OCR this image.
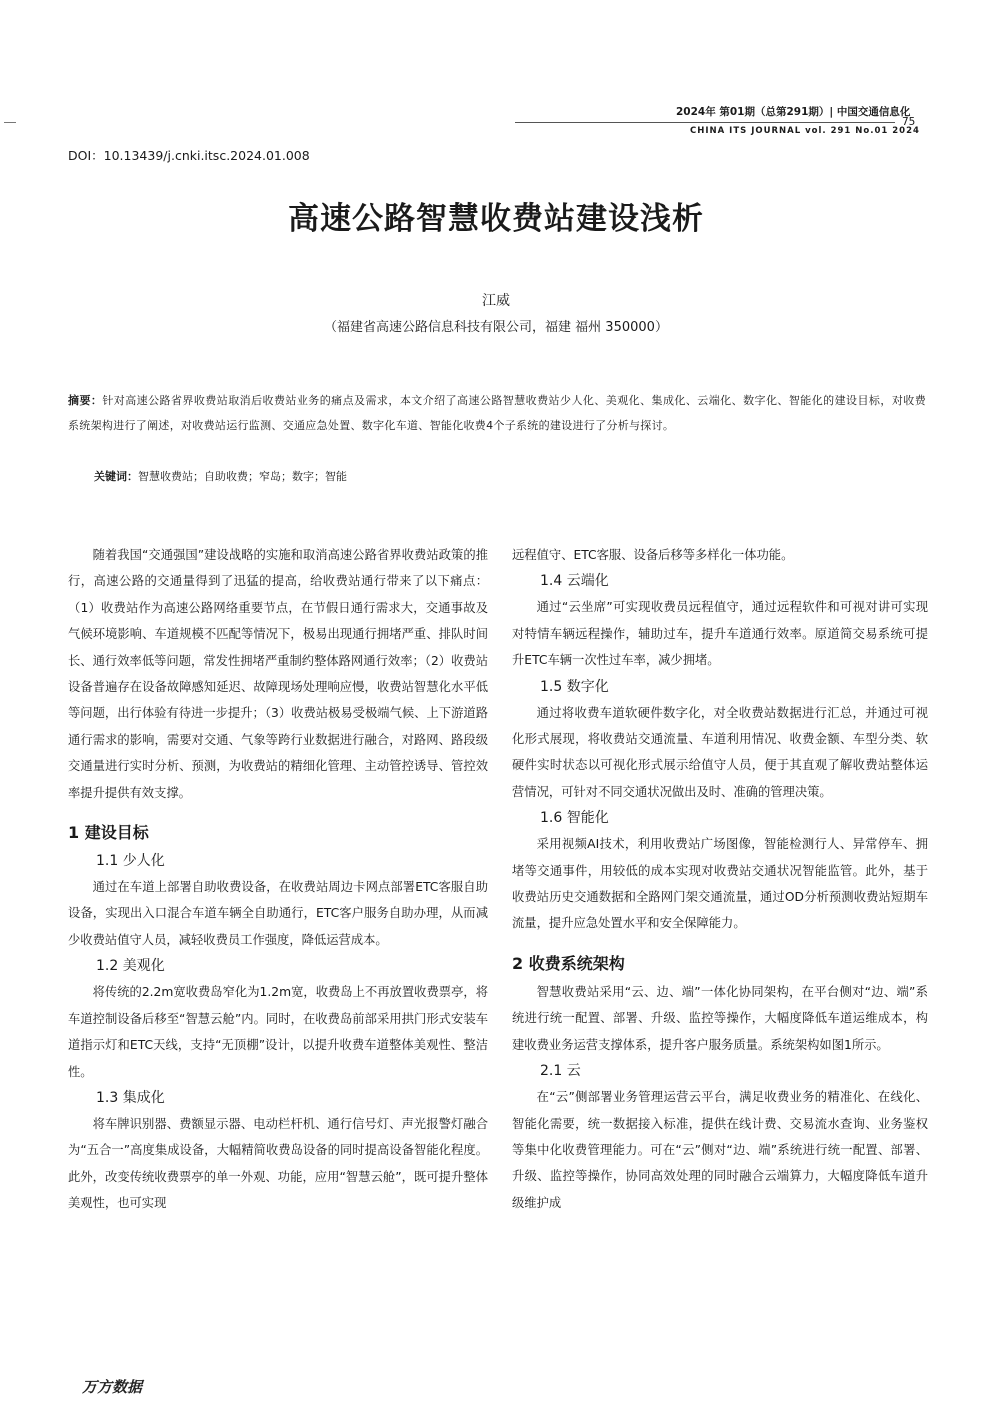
2024年 第01期（总第291期）| 中国交通信息化
CHINA ITS JOURNAL vol. 291 No.01 2024
75
DOI：10.13439/j.cnki.itsc.2024.01.008
高速公路智慧收费站建设浅析
江威
（福建省高速公路信息科技有限公司，福建 福州 350000）
摘要：针对高速公路省界收费站取消后收费站业务的痛点及需求，本文介绍了高速公路智慧收费站少人化、美观化、集成化、云端化、数字化、智能化的建设目标，对收费系统架构进行了阐述，对收费站运行监测、交通应急处置、数字化车道、智能化收费4个子系统的建设进行了分析与探讨。
关键词：智慧收费站；自助收费；窄岛；数字；智能

随着我国“交通强国”建设战略的实施和取消高速公路省界收费站政策的推行，高速公路的交通量得到了迅猛的提高，给收费站通行带来了以下痛点：（1）收费站作为高速公路网络重要节点，在节假日通行需求大，交通事故及气候环境影响、车道规模不匹配等情况下，极易出现通行拥堵严重、排队时间长、通行效率低等问题，常发性拥堵严重制约整体路网通行效率；（2）收费站设备普遍存在设备故障感知延迟、故障现场处理响应慢，收费站智慧化水平低等问题，出行体验有待进一步提升；（3）收费站极易受极端气候、上下游道路通行需求的影响，需要对交通、气象等跨行业数据进行融合，对路网、路段级交通量进行实时分析、预测，为收费站的精细化管理、主动管控诱导、管控效率提升提供有效支撑。

1 建设目标
1.1 少人化

通过在车道上部署自助收费设备，在收费站周边卡网点部署ETC客服自助设备，实现出入口混合车道车辆全自助通行，ETC客户服务自助办理，从而减少收费站值守人员，减轻收费员工作强度，降低运营成本。

1.2 美观化

将传统的2.2m宽收费岛窄化为1.2m宽，收费岛上不再放置收费票亭，将车道控制设备后移至“智慧云舱”内。同时，在收费岛前部采用拱门形式安装车道指示灯和ETC天线，支持“无顶棚”设计，以提升收费车道整体美观性、整洁性。

1.3 集成化

将车牌识别器、费额显示器、电动栏杆机、通行信号灯、声光报警灯融合为“五合一”高度集成设备，大幅精简收费岛设备的同时提高设备智能化程度。此外，改变传统收费票亭的单一外观、功能，应用“智慧云舱”，既可提升整体美观性，也可实现

远程值守、ETC客服、设备后移等多样化一体功能。

1.4 云端化

通过“云坐席”可实现收费员远程值守，通过远程软件和可视对讲可实现对特情车辆远程操作，辅助过车，提升车道通行效率。原道简交易系统可提升ETC车辆一次性过车率，减少拥堵。

1.5 数字化

通过将收费车道软硬件数字化，对全收费站数据进行汇总，并通过可视化形式展现，将收费站交通流量、车道利用情况、收费金额、车型分类、软硬件实时状态以可视化形式展示给值守人员，便于其直观了解收费站整体运营情况，可针对不同交通状况做出及时、准确的管理决策。

1.6 智能化

采用视频AI技术，利用收费站广场图像，智能检测行人、异常停车、拥堵等交通事件，用较低的成本实现对收费站交通状况智能监管。此外，基于收费站历史交通数据和全路网门架交通流量，通过OD分析预测收费站短期车流量，提升应急处置水平和安全保障能力。

2 收费系统架构

智慧收费站采用“云、边、端”一体化协同架构，在平台侧对“边、端”系统进行统一配置、部署、升级、监控等操作，大幅度降低车道运维成本，构建收费业务运营支撑体系，提升客户服务质量。系统架构如图1所示。

2.1 云

在“云”侧部署业务管理运营云平台，满足收费业务的精准化、在线化、智能化需要，统一数据接入标准，提供在线计费、交易流水查询、业务鉴权等集中化收费管理能力。可在“云”侧对“边、端”系统进行统一配置、部署、升级、监控等操作，协同高效处理的同时融合云端算力，大幅度降低车道升级维护成

万方数据
